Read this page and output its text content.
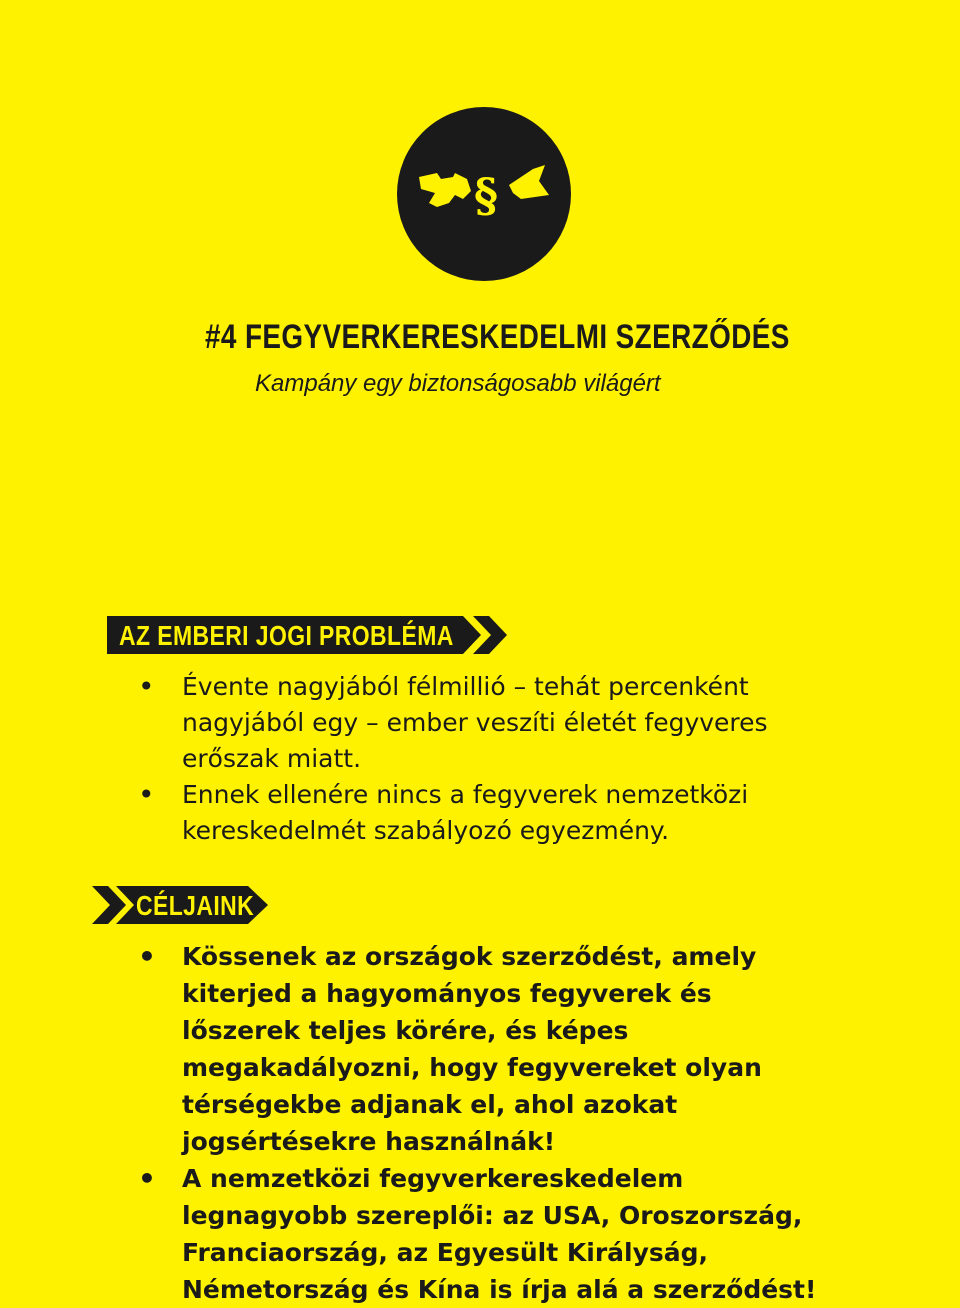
§
#4 FEGYVERKERESKEDELMI SZERZŐDÉS
Kampány egy biztonságosabb világért
AZ EMBERI JOGI PROBLÉMA
• Évente nagyjából félmillió – tehát percenként nagyjából egy – ember veszíti életét fegyveres erőszak miatt.
• Ennek ellenére nincs a fegyverek nemzetközi kereskedelmét szabályozó egyezmény.
CÉLJAINK
• Kössenek az országok szerződést, amely kiterjed a hagyományos fegyverek és lőszerek teljes körére, és képes megakadályozni, hogy fegyvereket olyan térségekbe adjanak el, ahol azokat jogsértésekre használnák!
• A nemzetközi fegyverkereskedelem legnagyobb szereplői: az USA, Oroszország, Franciaország, az Egyesült Királyság, Németország és Kína is írja alá a szerződést!
